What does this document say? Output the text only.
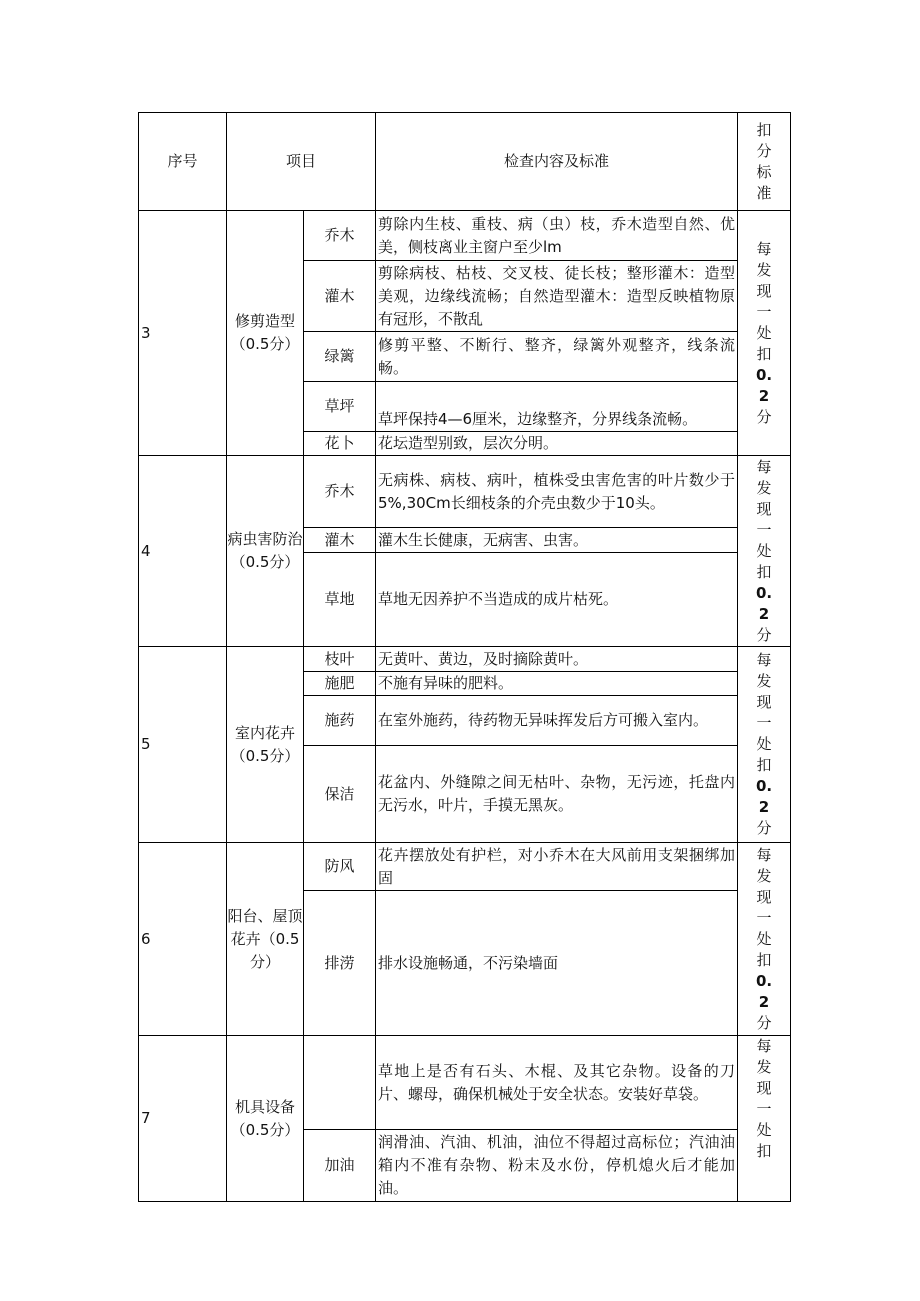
序号	项目		检查内容及标准	扣分标准
3	修剪造型（0.5分）	乔木	剪除内生枝、重枝、病（虫）枝，乔木造型自然、优美，侧枝离业主窗户至少lm	每发现一处扣0.2分
		灌木	剪除病枝、枯枝、交叉枝、徒长枝；整形灌木：造型美观，边缘线流畅；自然造型灌木：造型反映植物原有冠形，不散乱	
		绿篱	修剪平整、不断行、整齐，绿篱外观整齐，线条流畅。	
		草坪	草坪保持4—6厘米，边缘整齐，分界线条流畅。	
		花卜	花坛造型别致，层次分明。	
4	病虫害防治（0.5分）	乔木	无病株、病枝、病叶，植株受虫害危害的叶片数少于5%,30Cm长细枝条的介壳虫数少于10头。	每发现一处扣0.2分
		灌木	灌木生长健康，无病害、虫害。	
		草地	草地无因养护不当造成的成片枯死。	
5	室内花卉（0.5分）	枝叶	无黄叶、黄边，及时摘除黄叶。	每发现一处扣0.2分
		施肥	不施有异味的肥料。	
		施药	在室外施药，待药物无异味挥发后方可搬入室内。	
		保洁	花盆内、外缝隙之间无枯叶、杂物，无污迹，托盘内无污水，叶片，手摸无黑灰。	
6	阳台、屋顶花卉（0.5分）	防风	花卉摆放处有护栏，对小乔木在大风前用支架捆绑加固	每发现一处扣0.2分
		排涝	排水设施畅通，不污染墙面	
7	机具设备（0.5分）		草地上是否有石头、木棍、及其它杂物。设备的刀片、螺母，确保机械处于安全状态。安装好草袋。	每发现一处扣
		加油	润滑油、汽油、机油，油位不得超过高标位；汽油油箱内不准有杂物、粉末及水份，停机熄火后才能加油。	
